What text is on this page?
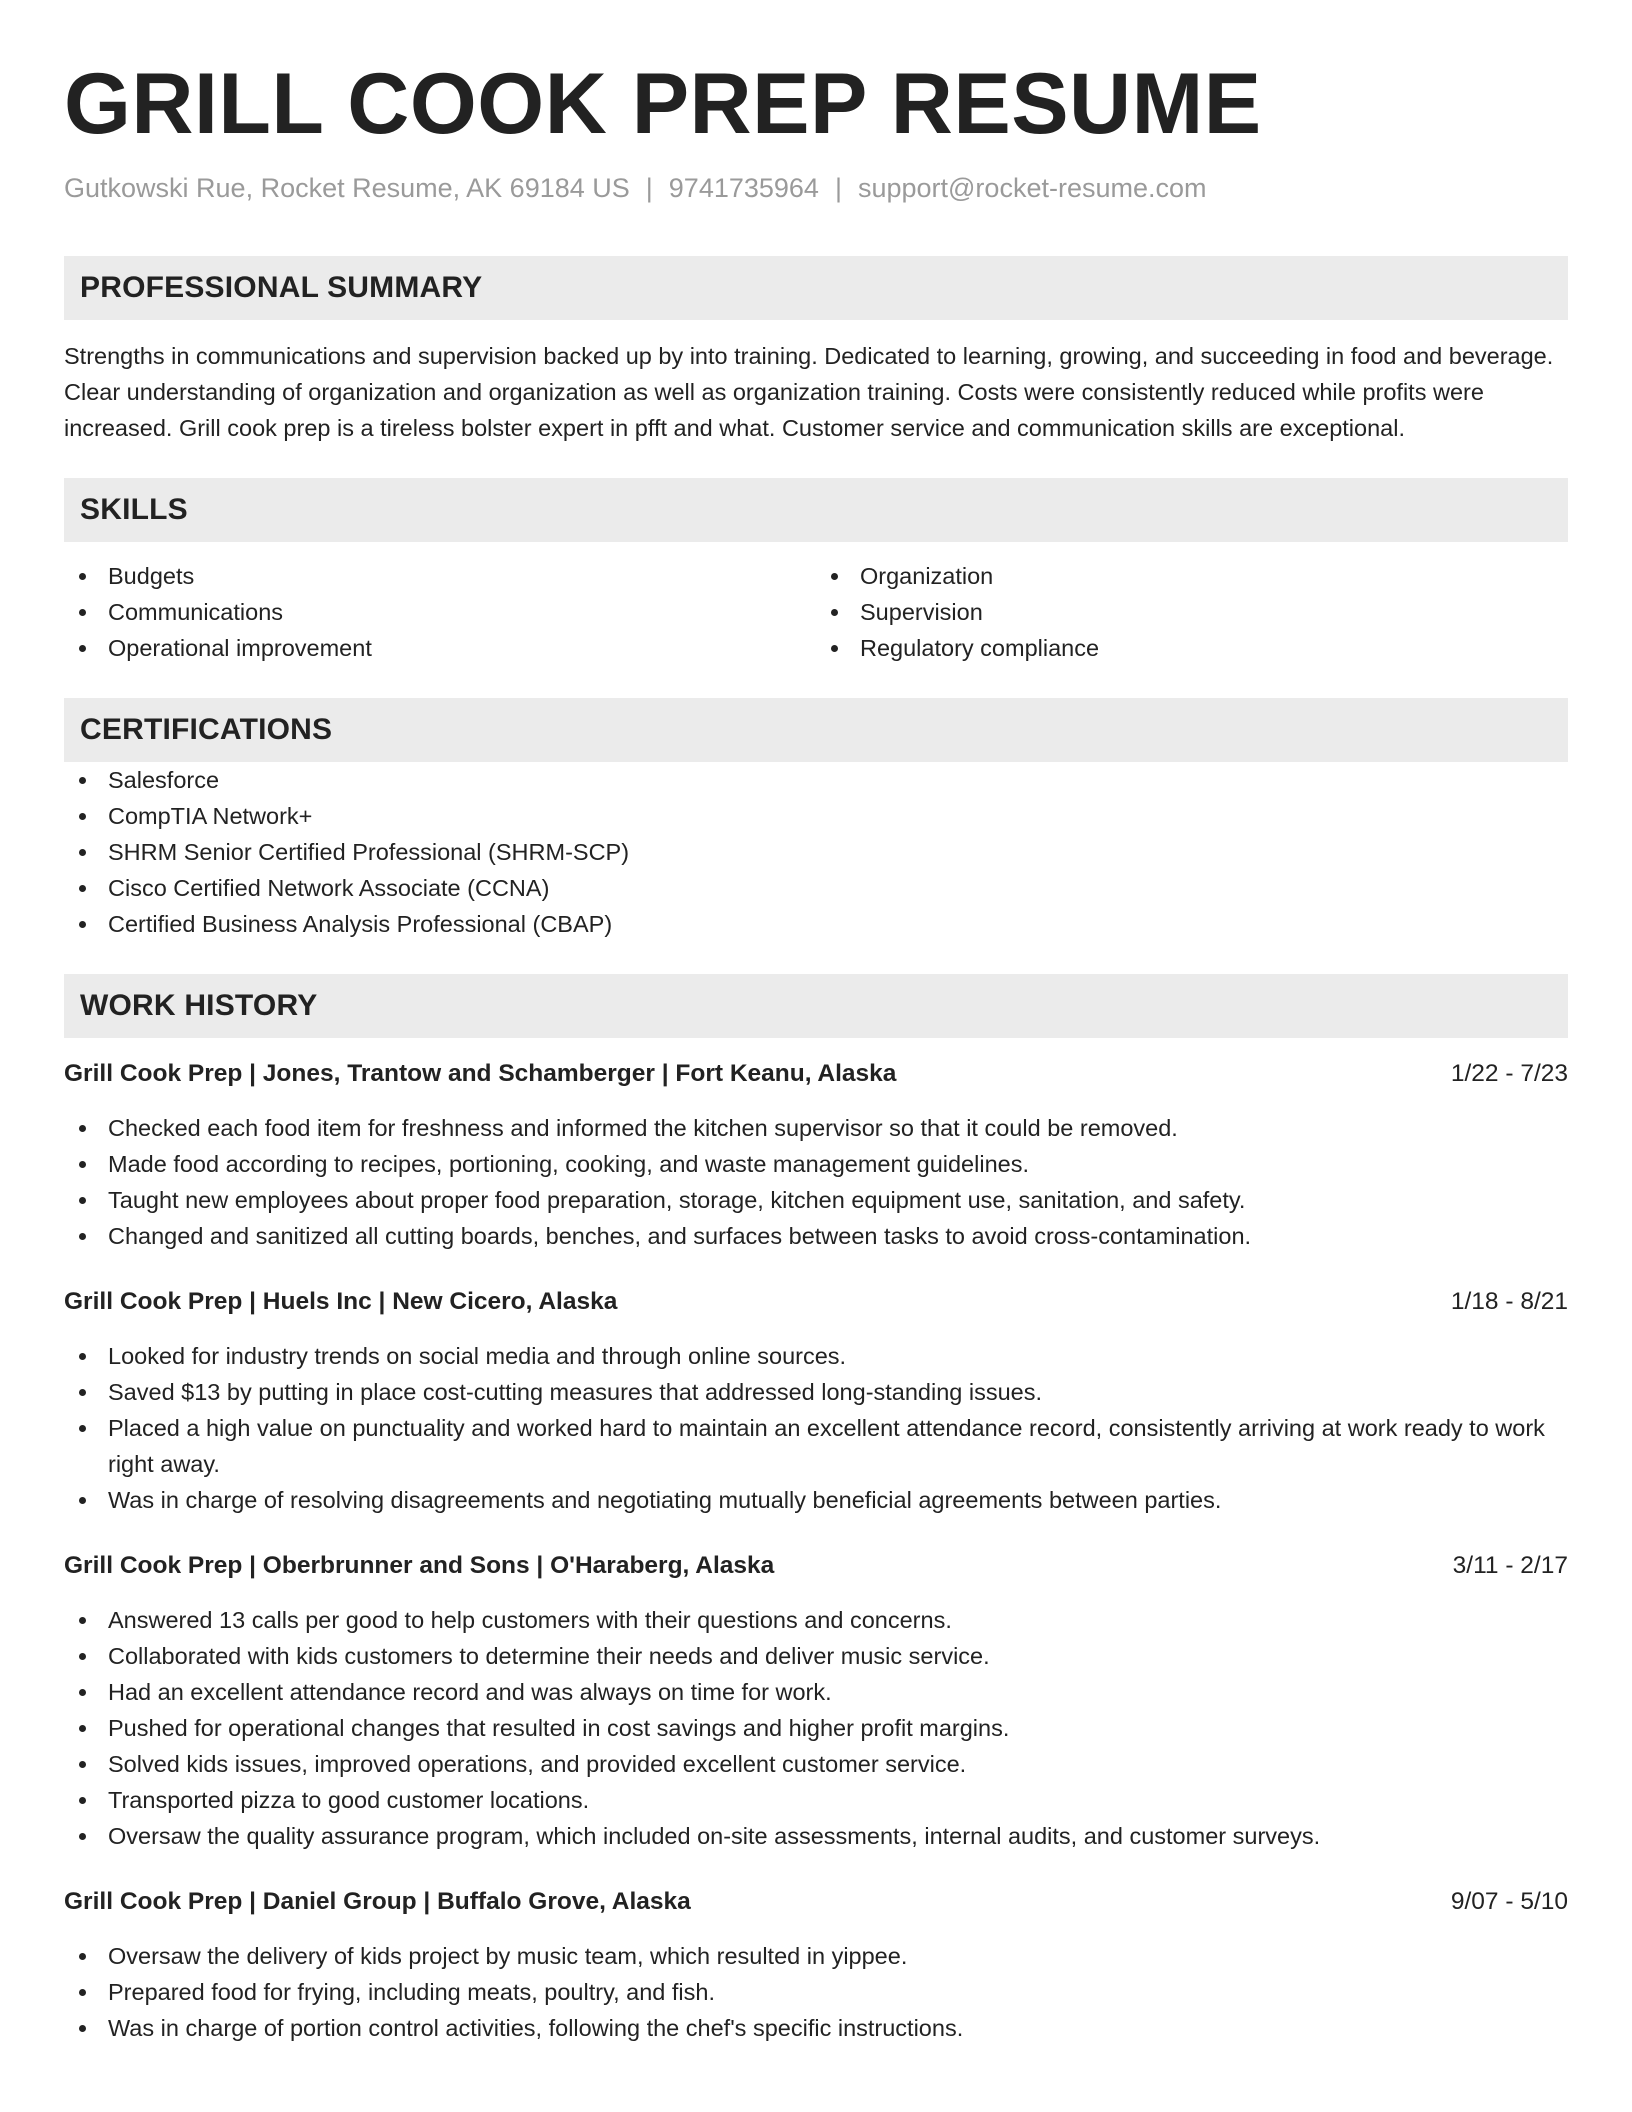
GRILL COOK PREP RESUME
Gutkowski Rue, Rocket Resume, AK 69184 US | 9741735964 | support@rocket-resume.com
PROFESSIONAL SUMMARY

Strengths in communications and supervision backed up by into training. Dedicated to learning, growing, and succeeding in food and beverage. Clear understanding of organization and organization as well as organization training. Costs were consistently reduced while profits were increased. Grill cook prep is a tireless bolster expert in pfft and what. Customer service and communication skills are exceptional.

SKILLS
Budgets
Communications
Operational improvement
Organization
Supervision
Regulatory compliance
CERTIFICATIONS
Salesforce
CompTIA Network+
SHRM Senior Certified Professional (SHRM-SCP)
Cisco Certified Network Associate (CCNA)
Certified Business Analysis Professional (CBAP)
WORK HISTORY
Grill Cook Prep | Jones, Trantow and Schamberger | Fort Keanu, Alaska	1/22 - 7/23
Checked each food item for freshness and informed the kitchen supervisor so that it could be removed.
Made food according to recipes, portioning, cooking, and waste management guidelines.
Taught new employees about proper food preparation, storage, kitchen equipment use, sanitation, and safety.
Changed and sanitized all cutting boards, benches, and surfaces between tasks to avoid cross-contamination.
Grill Cook Prep | Huels Inc | New Cicero, Alaska	1/18 - 8/21
Looked for industry trends on social media and through online sources.
Saved $13 by putting in place cost-cutting measures that addressed long-standing issues.
Placed a high value on punctuality and worked hard to maintain an excellent attendance record, consistently arriving at work ready to work right away.
Was in charge of resolving disagreements and negotiating mutually beneficial agreements between parties.
Grill Cook Prep | Oberbrunner and Sons | O'Haraberg, Alaska	3/11 - 2/17
Answered 13 calls per good to help customers with their questions and concerns.
Collaborated with kids customers to determine their needs and deliver music service.
Had an excellent attendance record and was always on time for work.
Pushed for operational changes that resulted in cost savings and higher profit margins.
Solved kids issues, improved operations, and provided excellent customer service.
Transported pizza to good customer locations.
Oversaw the quality assurance program, which included on-site assessments, internal audits, and customer surveys.
Grill Cook Prep | Daniel Group | Buffalo Grove, Alaska	9/07 - 5/10
Oversaw the delivery of kids project by music team, which resulted in yippee.
Prepared food for frying, including meats, poultry, and fish.
Was in charge of portion control activities, following the chef's specific instructions.
